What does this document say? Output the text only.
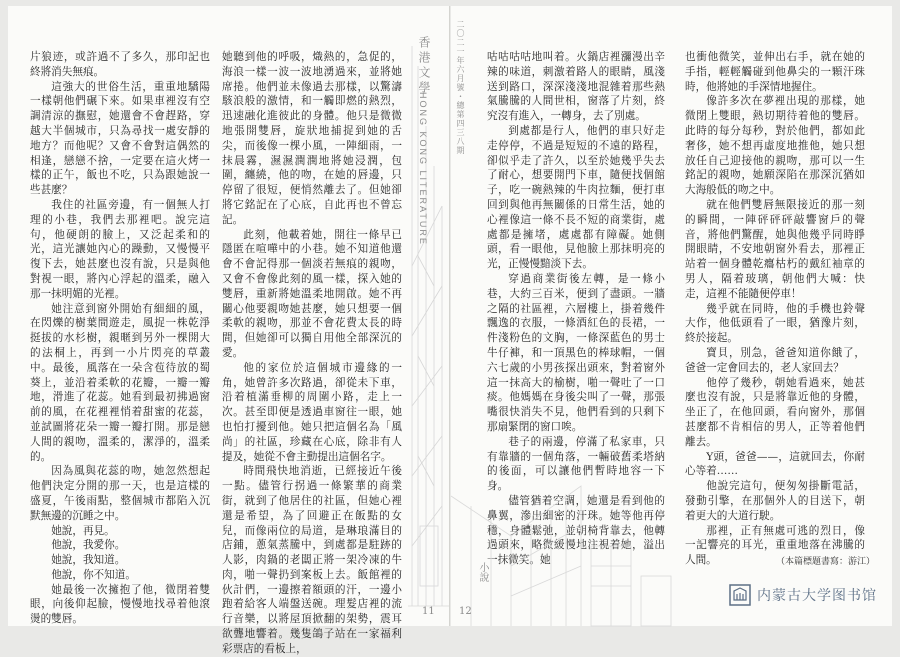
片狼迹，或許過不了多久，那印記也終將消失無痕。

這強大的世俗生活，重重地驕陽一樣朝他們碾下來。如果車裡沒有空調清涼的撫慰，她還會不會趕路，穿越大半個城市，只為尋找一處安靜的地方？而他呢？又會不會對這偶然的相逢，戀戀不捨，一定要在這火烤一樣的正午，飯也不吃，只為跟她說一些甚麼？

我住的社區旁邊，有一個無人打理的小巷，我們去那裡吧。說完這句，他硬朗的臉上，又泛起柔和的光，這光讓她內心的躁動，又慢慢平復下去，她甚麼也沒有說，只是與他對視一眼，將內心浮起的溫柔，融入那一抹明媚的光裡。

她注意到窗外開始有細細的風，在閃爍的樹葉間遊走，風捉一株乾淨挺拔的水杉樹，親暱到另外一棵開大的法桐上，再到一小片閃亮的草叢中。最後，風落在一朵含苞待放的蜀葵上，並沿着柔軟的花瓣，一瓣一瓣地，滑進了花蕊。她看到最初拂過窗前的風，在花裡裡悄着甜蜜的花蕊，並試圖將花朵一瓣一瓣打開。那是戀人間的親吻，溫柔的，潔淨的，溫柔的。

因為風與花蕊的吻，她忽然想起他們決定分開的那一天，也是這樣的盛夏，午後雨點，整個城市都陷入沉默無邊的沉睡之中。

她說，再見。

他說，我愛你。

她說，我知道。

他說，你不知道。

她最後一次擁抱了他，微閉着雙眼，向後仰起臉，慢慢地找尋着他滾燙的雙唇。

她聽到他的呼吸，熾熱的，急促的，海浪一樣一波一波地湧過來，並將她席捲。他們並未像過去那樣，以驚濤駭浪般的激情，和一觸即燃的熱烈，迅速融化進彼此的身體。他只是微微地張開雙唇，旋狀地捕捉到她的舌尖，而後像一棵小風，一陣細雨，一抹晨霧，濕濕潤潤地將她浸潤，包圍，纏繞，他的吻，在她的唇邊，只停留了很短，便悄然離去了。但她卻將它銘記在了心底，自此再也不曾忘記。

此刻，他載着她，開往一條早已隱匿在喧嘩中的小巷。她不知道他還會不會記得那一個淡若無痕的親吻，又會不會像此刻的風一樣，探入她的雙唇，重新將她溫柔地開啟。她不再關心他要親吻她甚麼，她只想要一個柔軟的親吻，那並不會花費太長的時間，但她卻可以獨自用他全部深沉的愛。

他的家位於這個城市邊緣的一角，她曾許多次路過，卻從未下車，沿着植滿垂柳的周圍小路，走上一次。甚至即便是透過車窗往一眼，她也怕打擾到他。她只把這個名為「風尚」的社區，珍藏在心底，除非有人提及，她從不會主動提出這個名字。

時間飛快地消逝，已經接近午後一點。儘管行拐過一條繁華的商業街，就到了他居住的社區，但她心裡還是希望，為了回避正在飯點的女兒，而像兩位的局道，是琳琅滿目的店鋪，蔥氣蒸騰中，到處都是駐跡的人影，肉鍋的老闆正將一架冷凍的牛肉，啪一聲扔到案板上去。飯館裡的伙計們，一邊擦着額頭的汗，一邊小跑着給客人端盤送碗。理髮店裡的流行音樂，以將屋頂掀翻的架勢，震耳欲聾地響着。幾隻鴿子站在一家福利彩票店的看板上，

香港文學
HONG KONG LITERATURE
11
二〇二一年六月號・總第四三八期 咕咕咕咕地叫着。火鍋店裡瀰漫出辛辣的味道，刺激着路人的眼睛，風淺送到路口，深深淺淺地混雜着那些熱氣騰騰的人間世相，窗落了片刻，終究沒有進入，一轉身，去了別處。

到處都是行人，他們的車只好走走停停，不過是短短的不遠的路程，卻似乎走了許久，以至於她幾乎失去了耐心，想要開門下車，隨便找個館子，吃一碗熱辣的牛肉拉麵，便打車回到與他再無關係的日常生活，她的心裡像這一條不長不短的商業街，處處都是擁堵，處處都有障礙。她側頭，看一眼他，見他臉上那抹明亮的光，正慢慢黯淡下去。

穿過商業街後左轉，是一條小巷，大約三百米，便到了盡頭。一牆之隔的社區裡，六層樓上，掛着幾件飄逸的衣服，一條酒紅色的長裙，一件淺粉色的文胸，一條深藍色的男士牛仔褲，和一頂黑色的棒球帽，一個六七歲的小男孩探出頭來，對着窗外這一抹高大的榆樹，啪一聲吐了一口痰。他媽媽在身後尖叫了一聲，那張嘴很快消失不見，他們看到的只剩下那扇緊閉的窗口唉。

巷子的兩邊，停滿了私家車，只有靠牆的一個角落，一輛破舊柔塔納的後面，可以讓他們暫時地容一下身。

儘管猶着空調，她還是看到他的鼻翼，滲出細密的汗珠。她等他再停穩，身體鬆弛，並朝椅背靠去，他轉過頭來，略微緩慢地注視着她，溢出一抹微笑。她

也衝他微笑，並伸出右手，就在她的手指，輕輕觸碰到他鼻尖的一顆汗珠時，他將她的手深情地握住。

像許多次在夢裡出現的那樣，她微閉上雙眼，熱切期待着他的雙唇。此時的每分每秒，對於他們，都如此奢侈，她不想再虛度地推他，她只想放任自己迎接他的親吻，那可以一生銘記的親吻，她願深陷在那深沉猶如大海般低的吻之中。

就在他們雙唇無限接近的那一刻的瞬間，一陣砰砰砰敲響窗戶的聲音，將他們驚醒，她與他幾乎同時睜開眼睛，不安地朝窗外看去，那裡正站着一個身體乾癟枯朽的戴紅袖章的男人，隔着玻璃，朝他們大喊：快走，這裡不能隨便停車！

幾乎就在同時，他的手機也鈴聲大作，他低頭看了一眼，猶豫片刻，終於接起。

寶貝，別急，爸爸知道你餓了，爸爸一定會回去的，老人家回去？

他停了幾秒，朝她看過來，她甚麼也沒有說，只是將靠近他的身體，坐正了，在他回頭，看向窗外，那個甚麼都不肯相信的男人，正等着他們離去。

Y頭，爸爸——，這就回去，你耐心等着……

他說完這句，便匆匆掛斷電話，發動引擎，在那個外人的目送下，朝着更大的大道行駛。

那裡，正有無處可逃的烈日，像一記響亮的耳光，重重地落在沸騰的人間。

12
小說	（本篇標題書寫：游江）
内蒙古大学图书馆
